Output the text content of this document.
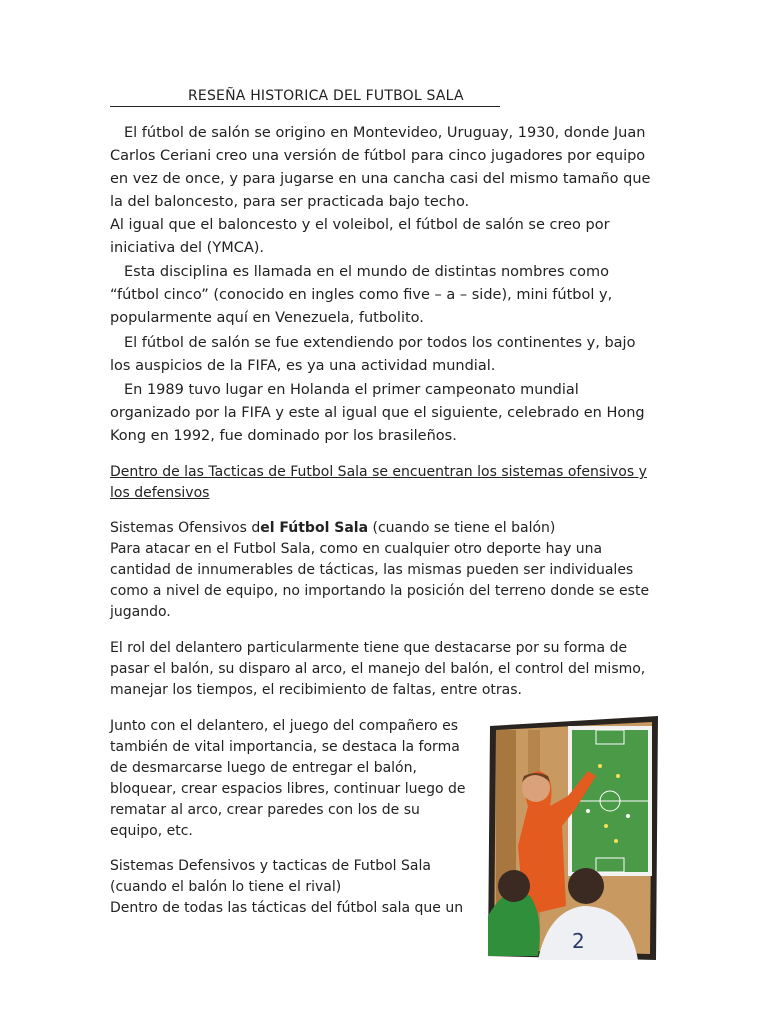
RESEÑA HISTORICA DEL FUTBOL SALA

El fútbol de salón se origino en Montevideo, Uruguay, 1930, donde Juan Carlos Ceriani creo una versión de fútbol para cinco jugadores por equipo en vez de once, y para jugarse en una cancha casi del mismo tamaño que la del baloncesto, para ser practicada bajo techo.

Al igual que el baloncesto y el voleibol, el fútbol de salón se creo por iniciativa del (YMCA).

Esta disciplina es llamada en el mundo de distintas nombres como “fútbol cinco” (conocido en ingles como five – a – side), mini fútbol y, popularmente aquí en Venezuela, futbolito.

El fútbol de salón se fue extendiendo por todos los continentes y, bajo los auspicios de la FIFA, es ya una actividad mundial.

En 1989 tuvo lugar en Holanda el primer campeonato mundial organizado por la FIFA y este al igual que el siguiente, celebrado en Hong Kong en 1992, fue dominado por los brasileños.

Dentro de las Tacticas de Futbol Sala se encuentran los sistemas ofensivos y los defensivos

Sistemas Ofensivos del Fútbol Sala (cuando se tiene el balón)
Para atacar en el Futbol Sala, como en cualquier otro deporte hay una cantidad de innumerables de tácticas, las mismas pueden ser individuales como a nivel de equipo, no importando la posición del terreno donde se este jugando.

El rol del delantero particularmente tiene que destacarse por su forma de pasar el balón, su disparo al arco, el manejo del balón, el control del mismo, manejar los tiempos, el recibimiento de faltas, entre otras.

Junto con el delantero, el juego del compañero es también de vital importancia, se destaca la forma de desmarcarse luego de entregar el balón, bloquear, crear espacios libres, continuar luego de rematar al arco, crear paredes con los de su equipo, etc.

Sistemas Defensivos y tacticas de Futbol Sala (cuando el balón lo tiene el rival)
Dentro de todas las tácticas del fútbol sala que un
2
